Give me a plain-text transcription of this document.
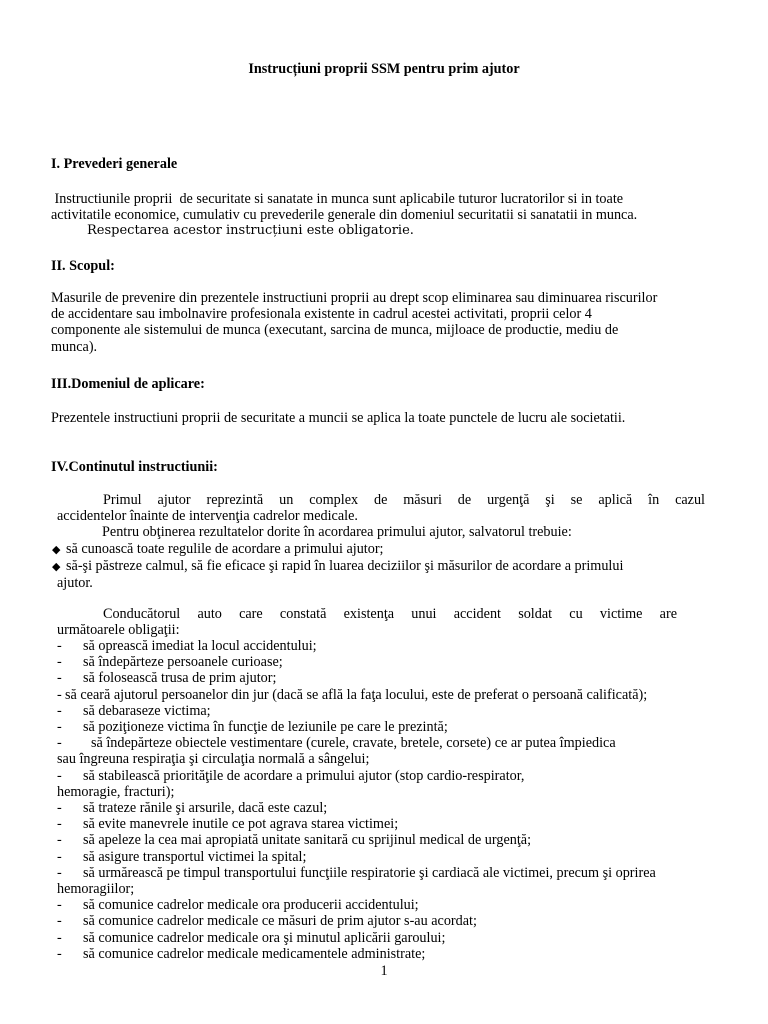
Instrucțiuni proprii SSM pentru prim ajutor
I. Prevederi generale
Instructiunile proprii  de securitate si sanatate in munca sunt aplicabile tuturor lucratorilor si in toate
activitatile economice, cumulativ cu prevederile generale din domeniul securitatii si sanatatii in munca.
Respectarea acestor instrucțiuni este obligatorie.
II. Scopul:
Masurile de prevenire din prezentele instructiuni proprii au drept scop eliminarea sau diminuarea riscurilor
de accidentare sau imbolnavire profesionala existente in cadrul acestei activitati, proprii celor 4
componente ale sistemului de munca (executant, sarcina de munca, mijloace de productie, mediu de
munca).
III.Domeniul de aplicare:
Prezentele instructiuni proprii de securitate a muncii se aplica la toate punctele de lucru ale societatii.
IV.Continutul instructiunii:
Primul ajutor reprezintă un complex de măsuri de urgenţă şi se aplică în cazul
accidentelor înainte de intervenţia cadrelor medicale.
Pentru obţinerea rezultatelor dorite în acordarea primului ajutor, salvatorul trebuie:
◆ să cunoască toate regulile de acordare a primului ajutor;
◆ să-şi păstreze calmul, să fie eficace şi rapid în luarea deciziilor şi măsurilor de acordare a primului
ajutor.
Conducătorul auto care constată existenţa unui accident soldat cu victime are
următoarele obligaţii:
- să oprească imediat la locul accidentului;
- să îndepărteze persoanele curioase;
- să folosească trusa de prim ajutor;
- să ceară ajutorul persoanelor din jur (dacă se află la faţa locului, este de preferat o persoană calificată);
- să debaraseze victima;
- să poziţioneze victima în funcţie de leziunile pe care le prezintă;
- să îndepărteze obiectele vestimentare (curele, cravate, bretele, corsete) ce ar putea împiedica
sau îngreuna respiraţia şi circulaţia normală a sângelui;
- să stabilească priorităţile de acordare a primului ajutor (stop cardio-respirator,
hemoragie, fracturi);
- să trateze rănile şi arsurile, dacă este cazul;
- să evite manevrele inutile ce pot agrava starea victimei;
- să apeleze la cea mai apropiată unitate sanitară cu sprijinul medical de urgenţă;
- să asigure transportul victimei la spital;
- să urmărească pe timpul transportului funcţiile respiratorie şi cardiacă ale victimei, precum şi oprirea
hemoragiilor;
- să comunice cadrelor medicale ora producerii accidentului;
- să comunice cadrelor medicale ce măsuri de prim ajutor s-au acordat;
- să comunice cadrelor medicale ora şi minutul aplicării garoului;
- să comunice cadrelor medicale medicamentele administrate;
1
